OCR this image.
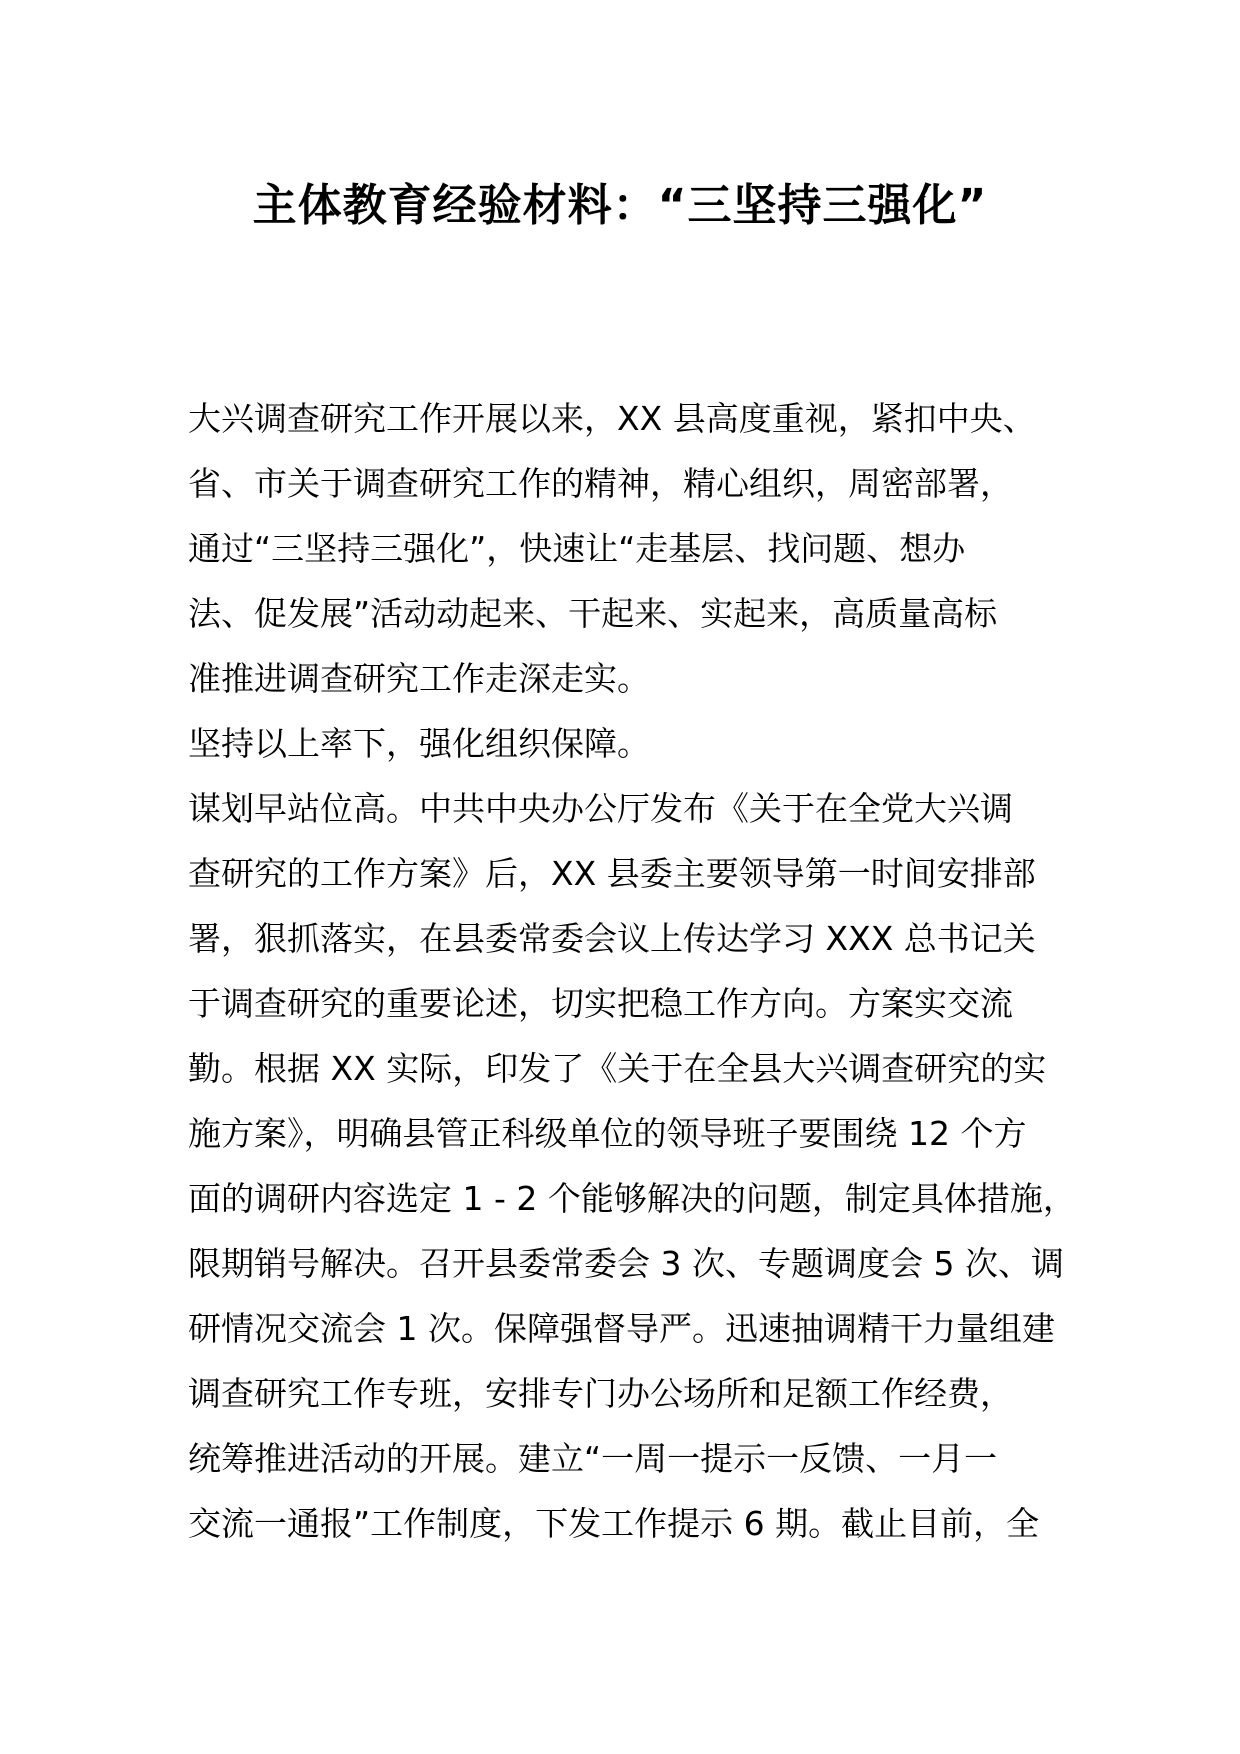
主体教育经验材料：“三坚持三强化”
大兴调查研究工作开展以来，XX 县高度重视，紧扣中央、
省、市关于调查研究工作的精神，精心组织，周密部署，
通过“三坚持三强化”，快速让“走基层、找问题、想办
法、促发展”活动动起来、干起来、实起来，高质量高标
准推进调查研究工作走深走实。
坚持以上率下，强化组织保障。
谋划早站位高。中共中央办公厅发布《关于在全党大兴调
查研究的工作方案》后，XX 县委主要领导第一时间安排部
署，狠抓落实，在县委常委会议上传达学习 XXX 总书记关
于调查研究的重要论述，切实把稳工作方向。方案实交流
勤。根据 XX 实际，印发了《关于在全县大兴调查研究的实
施方案》，明确县管正科级单位的领导班子要围绕 12 个方
面的调研内容选定 1 - 2 个能够解决的问题，制定具体措施，
限期销号解决。召开县委常委会 3 次、专题调度会 5 次、调
研情况交流会 1 次。保障强督导严。迅速抽调精干力量组建
调查研究工作专班，安排专门办公场所和足额工作经费，
统筹推进活动的开展。建立“一周一提示一反馈、一月一
交流一通报”工作制度，下发工作提示 6 期。截止目前，全
